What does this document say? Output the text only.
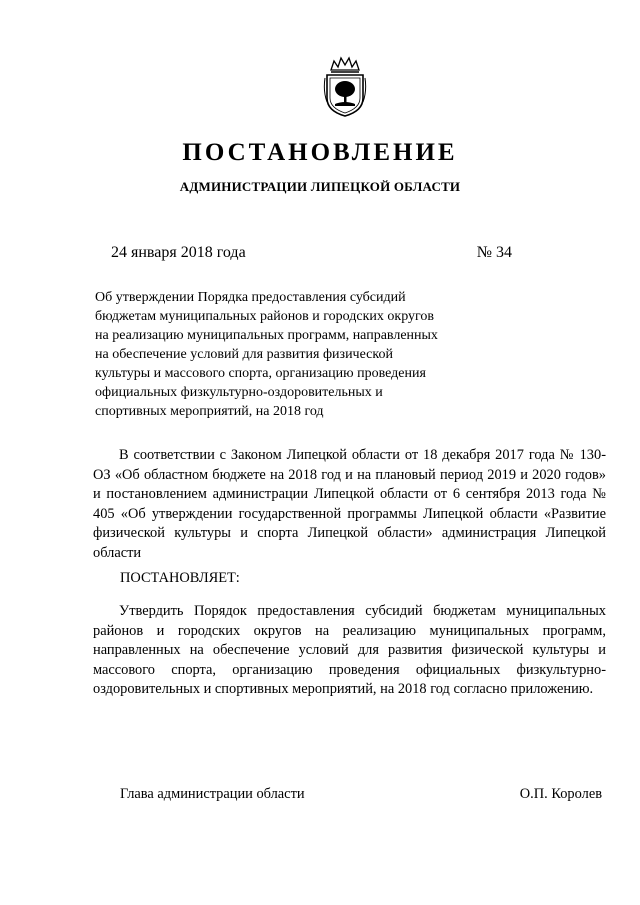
ПОСТАНОВЛЕНИЕ
АДМИНИСТРАЦИИ ЛИПЕЦКОЙ ОБЛАСТИ
24 января 2018 года	№ 34
Об утверждении Порядка предоставления субсидий
бюджетам муниципальных районов и городских округов
на реализацию муниципальных программ, направленных
на обеспечение условий для развития физической
культуры и массового спорта, организацию проведения
официальных физкультурно-оздоровительных и
спортивных мероприятий, на 2018 год
В соответствии с Законом Липецкой области от 18 декабря 2017 года № 130-ОЗ «Об областном бюджете на 2018 год и на плановый период 2019 и 2020 годов» и постановлением администрации Липецкой области от 6 сентября 2013 года № 405 «Об утверждении государственной программы Липецкой области «Развитие физической культуры и спорта Липецкой области» администрация Липецкой области
ПОСТАНОВЛЯЕТ:
Утвердить Порядок предоставления субсидий бюджетам муниципальных районов и городских округов на реализацию муниципальных программ, направленных на обеспечение условий для развития физической культуры и массового спорта, организацию проведения официальных физкультурно-оздоровительных и спортивных мероприятий, на 2018 год согласно приложению.
Глава администрации области	О.П. Королев
